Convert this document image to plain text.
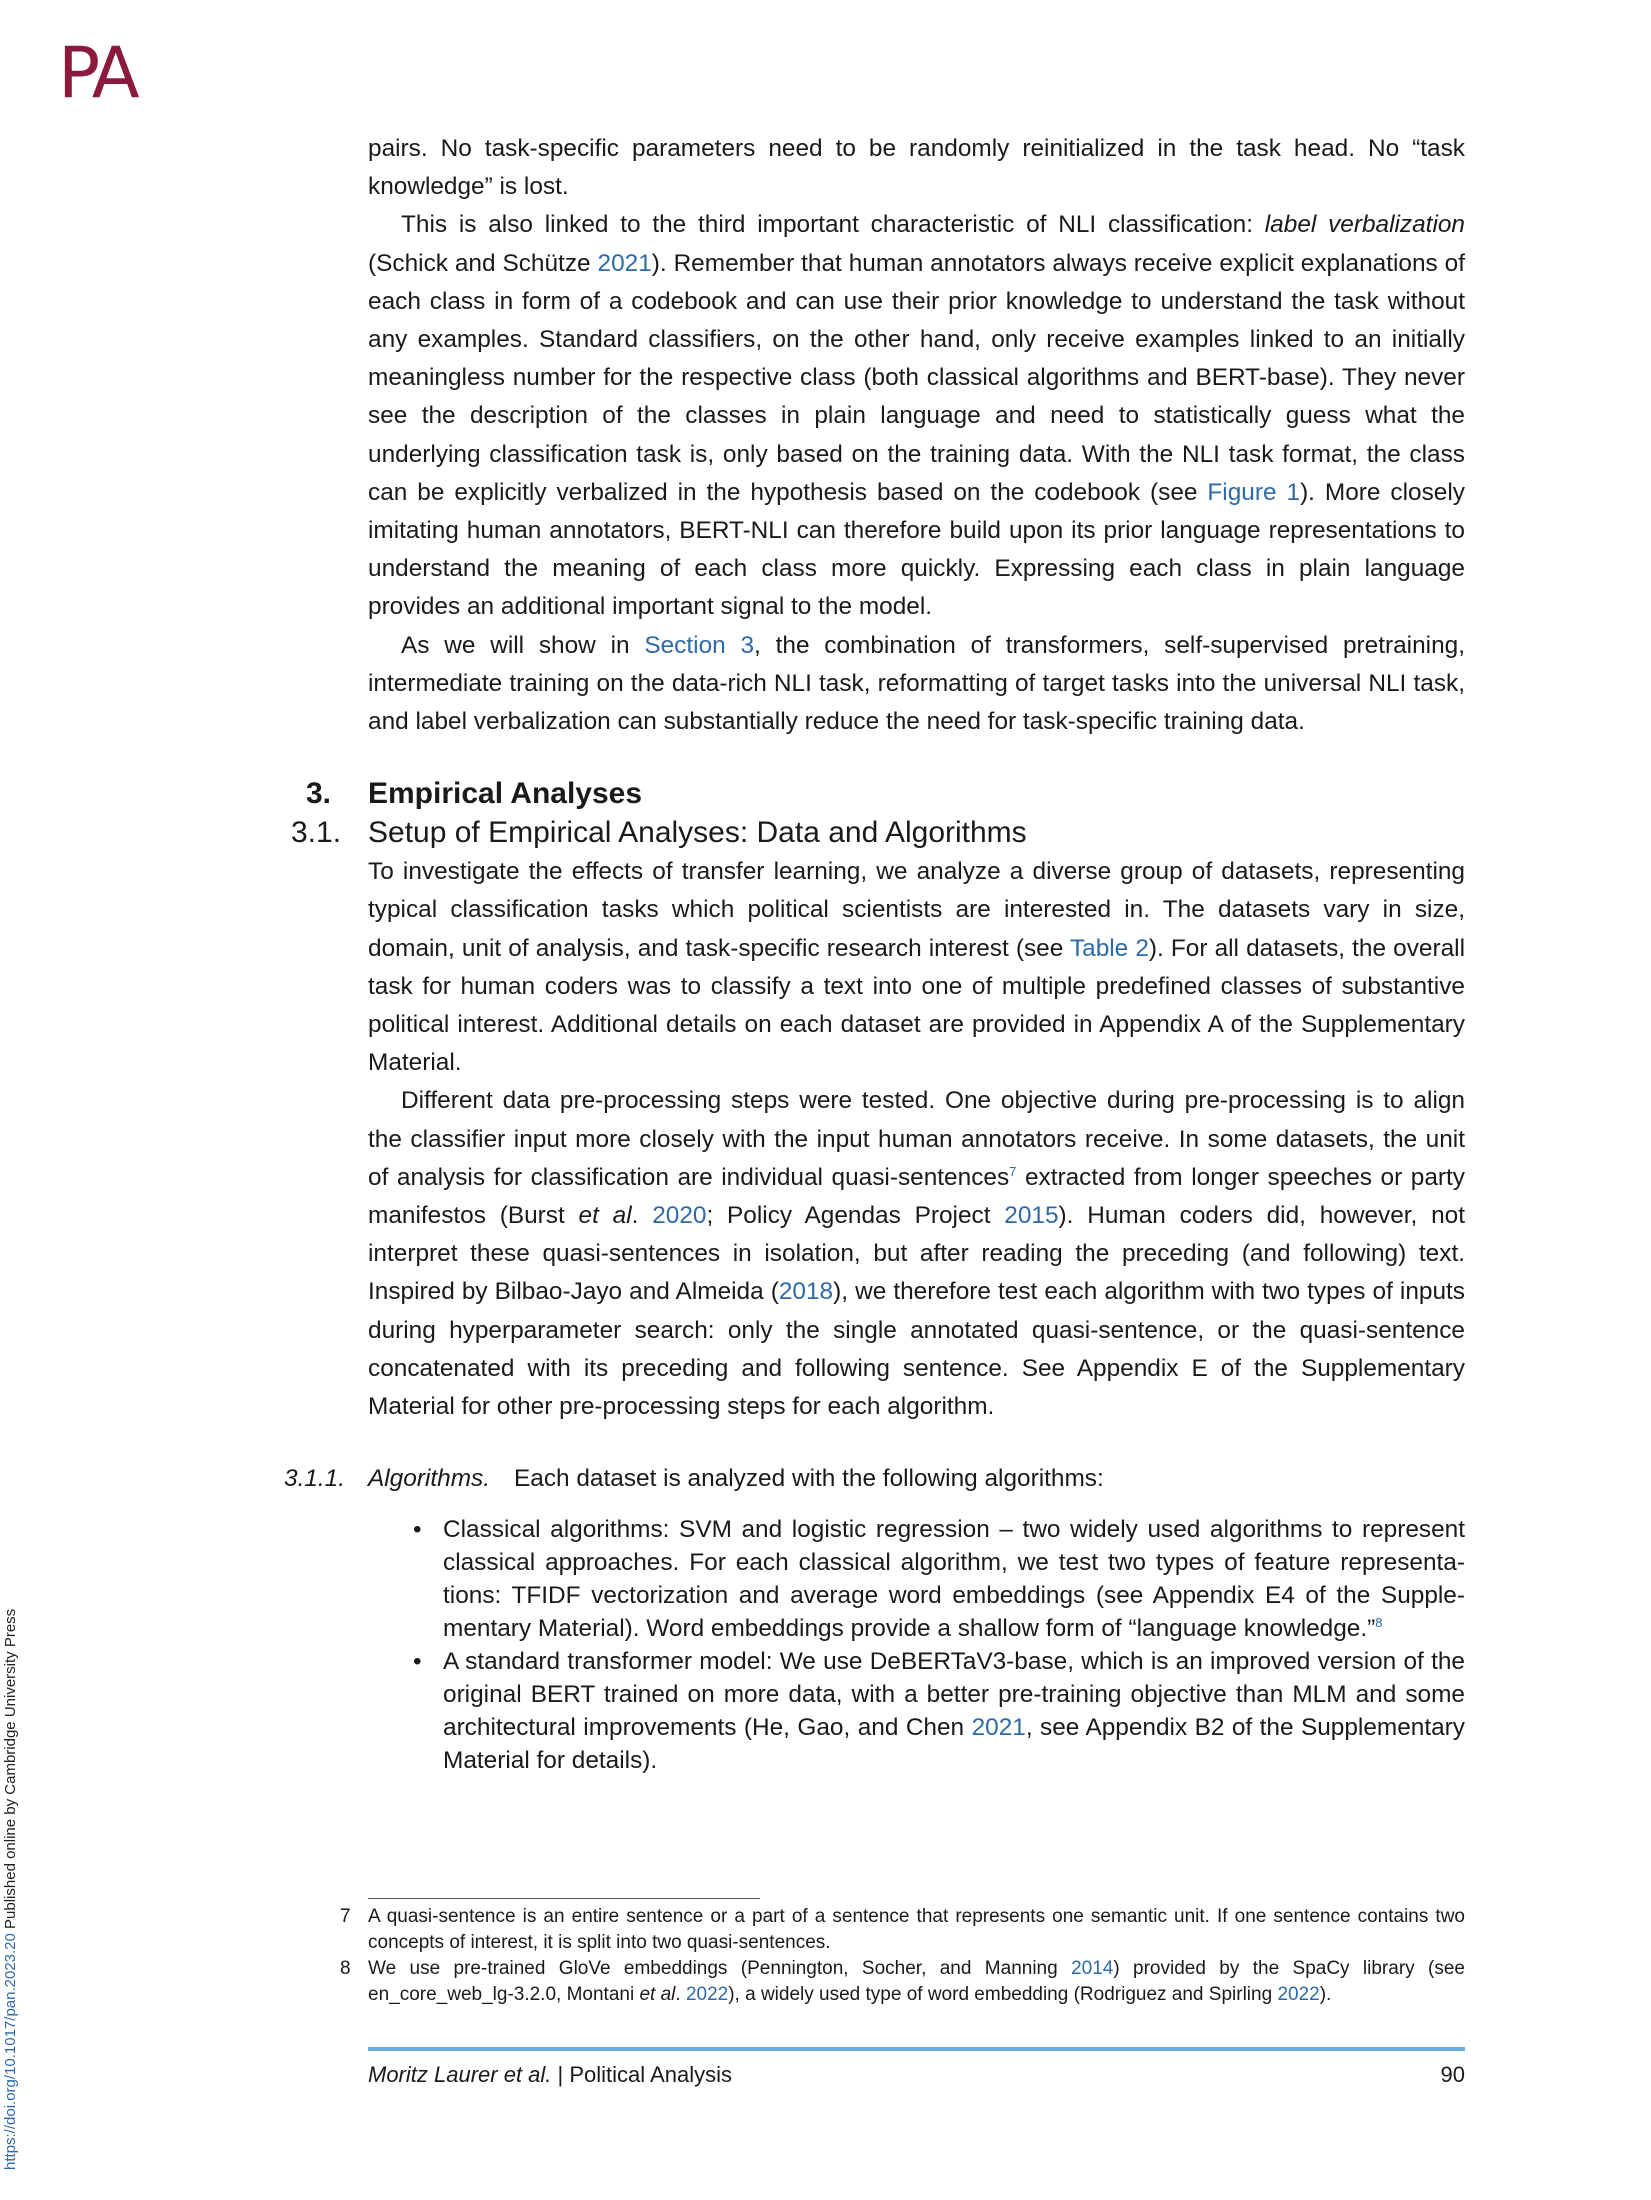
PA
https://doi.org/10.1017/pan.2023.20 Published online by Cambridge University Press

pairs. No task-specific parameters need to be randomly reinitialized in the task head. No “task knowledge” is lost.

This is also linked to the third important characteristic of NLI classification: label verbalization (Schick and Schütze 2021). Remember that human annotators always receive explicit explanations of each class in form of a codebook and can use their prior knowledge to understand the task without any examples. Standard classifiers, on the other hand, only receive examples linked to an initially meaningless number for the respective class (both classical algorithms and BERT-base). They never see the description of the classes in plain language and need to statistically guess what the underlying classification task is, only based on the training data. With the NLI task format, the class can be explicitly verbalized in the hypothesis based on the codebook (see Figure 1). More closely imitating human annotators, BERT-NLI can therefore build upon its prior language representations to understand the meaning of each class more quickly. Expressing each class in plain language provides an additional important signal to the model.

As we will show in Section 3, the combination of transformers, self-supervised pretraining, intermediate training on the data-rich NLI task, reformatting of target tasks into the universal NLI task, and label verbalization can substantially reduce the need for task-specific training data.

3. Empirical Analyses
3.1. Setup of Empirical Analyses: Data and Algorithms

To investigate the effects of transfer learning, we analyze a diverse group of datasets, representing typical classification tasks which political scientists are interested in. The datasets vary in size, domain, unit of analysis, and task-specific research interest (see Table 2). For all datasets, the overall task for human coders was to classify a text into one of multiple predefined classes of substantive political interest. Additional details on each dataset are provided in Appendix A of the Supplementary Material.

Different data pre-processing steps were tested. One objective during pre-processing is to align the classifier input more closely with the input human annotators receive. In some datasets, the unit of analysis for classification are individual quasi-sentences$^7$ extracted from longer speeches or party manifestos (Burst et al. 2020; Policy Agendas Project 2015). Human coders did, however, not interpret these quasi-sentences in isolation, but after reading the preceding (and following) text. Inspired by Bilbao-Jayo and Almeida (2018), we therefore test each algorithm with two types of inputs during hyperparameter search: only the single annotated quasi-sentence, or the quasi-sentence concatenated with its preceding and following sentence. See Appendix E of the Supplementary Material for other pre-processing steps for each algorithm.

3.1.1. Algorithms. Each dataset is analyzed with the following algorithms:
• Classical algorithms: SVM and logistic regression – two widely used algorithms to represent classical approaches. For each classical algorithm, we test two types of feature representa-tions: TFIDF vectorization and average word embeddings (see Appendix E4 of the Supple-mentary Material). Word embeddings provide a shallow form of “language knowledge.”$^8$
• A standard transformer model: We use DeBERTaV3-base, which is an improved version of the original BERT trained on more data, with a better pre-training objective than MLM and some architectural improvements (He, Gao, and Chen 2021, see Appendix B2 of the Supplementary Material for details).
7 A quasi-sentence is an entire sentence or a part of a sentence that represents one semantic unit. If one sentence contains two concepts of interest, it is split into two quasi-sentences.
8 We use pre-trained GloVe embeddings (Pennington, Socher, and Manning 2014) provided by the SpaCy library (see en_core_web_lg-3.2.0, Montani et al. 2022), a widely used type of word embedding (Rodriguez and Spirling 2022).
Moritz Laurer et al. | Political Analysis	90
